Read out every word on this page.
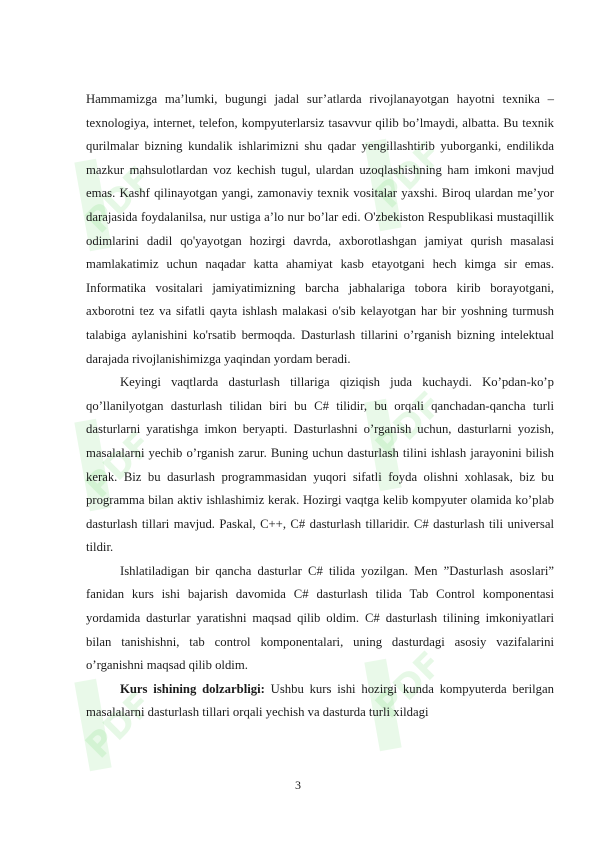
PDF	PDF
PDF	PDF
PDF	PDF

Hammamizga ma’lumki, bugungi jadal sur’atlarda rivojlanayotgan hayotni texnika –texnologiya, internet, telefon, kompyuterlarsiz tasavvur qilib bo’lmaydi, albatta. Bu texnik qurilmalar bizning kundalik ishlarimizni shu qadar yengillashtirib yuborganki, endilikda mazkur mahsulotlardan voz kechish tugul, ulardan uzoqlashishning ham imkoni mavjud emas. Kashf qilinayotgan yangi, zamonaviy texnik vositalar yaxshi. Biroq ulardan me’yor darajasida foydalanilsa, nur ustiga a’lo nur bo’lar edi. O'zbekiston Respublikasi mustaqillik odimlarini dadil qo'yayotgan hozirgi davrda, axborotlashgan jamiyat qurish masalasi mamlakatimiz uchun naqadar katta ahamiyat kasb etayotgani hech kimga sir emas. Informatika vositalari jamiyatimizning barcha jabhalariga tobora kirib borayotgani, axborotni tez va sifatli qayta ishlash malakasi o'sib kelayotgan har bir yoshning turmush talabiga aylanishini ko'rsatib bermoqda. Dasturlash tillarini o’rganish bizning intelektual darajada rivojlanishimizga yaqindan yordam beradi.

Keyingi vaqtlarda dasturlash tillariga qiziqish juda kuchaydi. Ko’pdan-ko’p qo’llanilyotgan dasturlash tilidan biri bu C# tilidir, bu orqali qanchadan-qancha turli dasturlarni yaratishga imkon beryapti. Dasturlashni o’rganish uchun, dasturlarni yozish, masalalarni yechib o’rganish zarur. Buning uchun dasturlash tilini ishlash jarayonini bilish kerak. Biz bu dasurlash programmasidan yuqori sifatli foyda olishni xohlasak, biz bu programma bilan aktiv ishlashimiz kerak. Hozirgi vaqtga kelib kompyuter olamida ko’plab dasturlash tillari mavjud. Paskal, C++, C# dasturlash tillaridir. C# dasturlash tili universal tildir.

Ishlatiladigan bir qancha dasturlar C# tilida yozilgan. Men ”Dasturlash asoslari” fanidan kurs ishi bajarish davomida C# dasturlash tilida Tab Control komponentasi yordamida dasturlar yaratishni maqsad qilib oldim. C# dasturlash tilining imkoniyatlari bilan tanishishni, tab control komponentalari, uning dasturdagi asosiy vazifalarini o’rganishni maqsad qilib oldim.

Kurs ishining dolzarbligi: Ushbu kurs ishi hozirgi kunda kompyuterda berilgan masalalarni dasturlash tillari orqali yechish va dasturda turli xildagi

3
